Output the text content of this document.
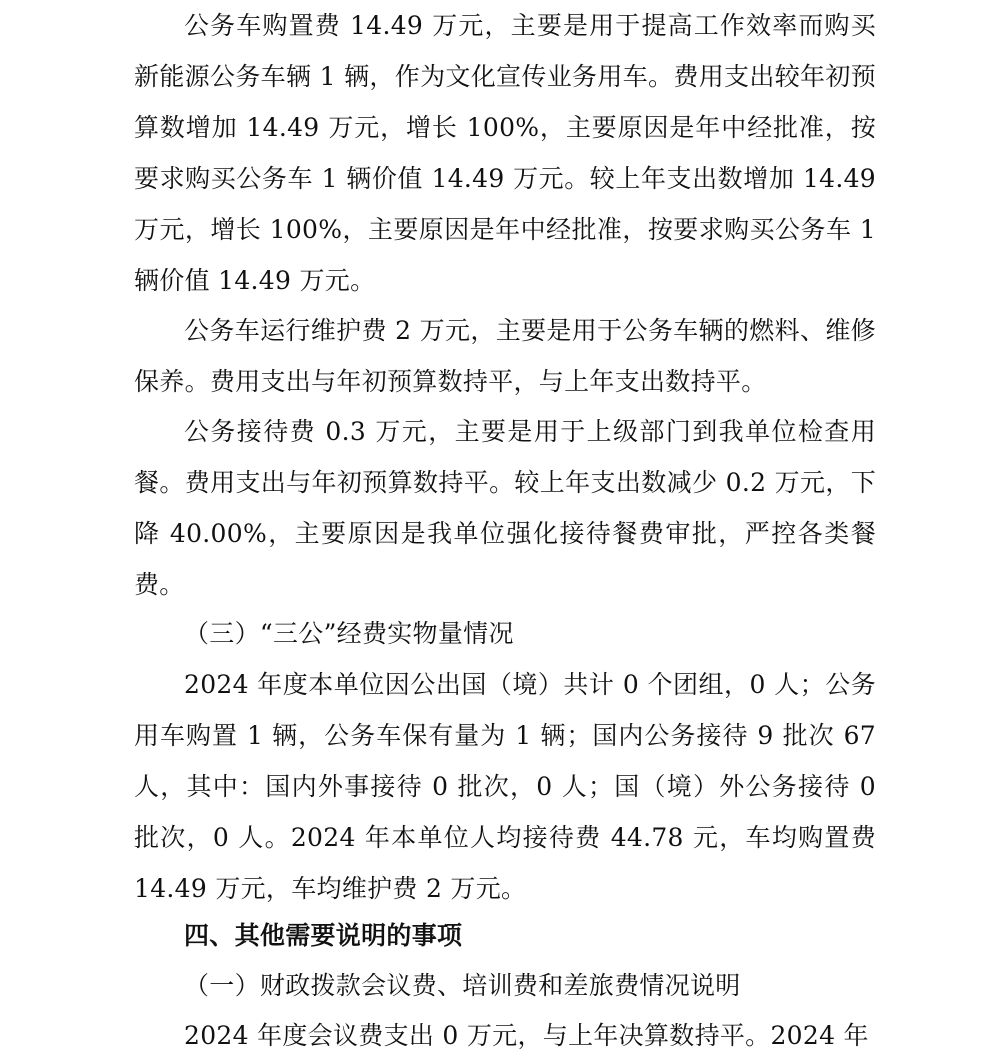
公务车购置费 14.49 万元，主要是用于提高工作效率而购买新能源公务车辆 1 辆，作为文化宣传业务用车。费用支出较年初预算数增加 14.49 万元，增长 100%，主要原因是年中经批准，按要求购买公务车 1 辆价值 14.49 万元。较上年支出数增加 14.49 万元，增长 100%，主要原因是年中经批准，按要求购买公务车 1 辆价值 14.49 万元。

公务车运行维护费 2 万元，主要是用于公务车辆的燃料、维修保养。费用支出与年初预算数持平，与上年支出数持平。

公务接待费 0.3 万元，主要是用于上级部门到我单位检查用餐。费用支出与年初预算数持平。较上年支出数减少 0.2 万元，下降 40.00%，主要原因是我单位强化接待餐费审批，严控各类餐费。

（三）“三公”经费实物量情况

2024 年度本单位因公出国（境）共计 0 个团组，0 人；公务用车购置 1 辆，公务车保有量为 1 辆；国内公务接待 9 批次 67 人，其中：国内外事接待 0 批次，0 人；国（境）外公务接待 0 批次，0 人。2024 年本单位人均接待费 44.78 元，车均购置费 14.49 万元，车均维护费 2 万元。

四、其他需要说明的事项

（一）财政拨款会议费、培训费和差旅费情况说明

2024 年度会议费支出 0 万元，与上年决算数持平。2024 年
